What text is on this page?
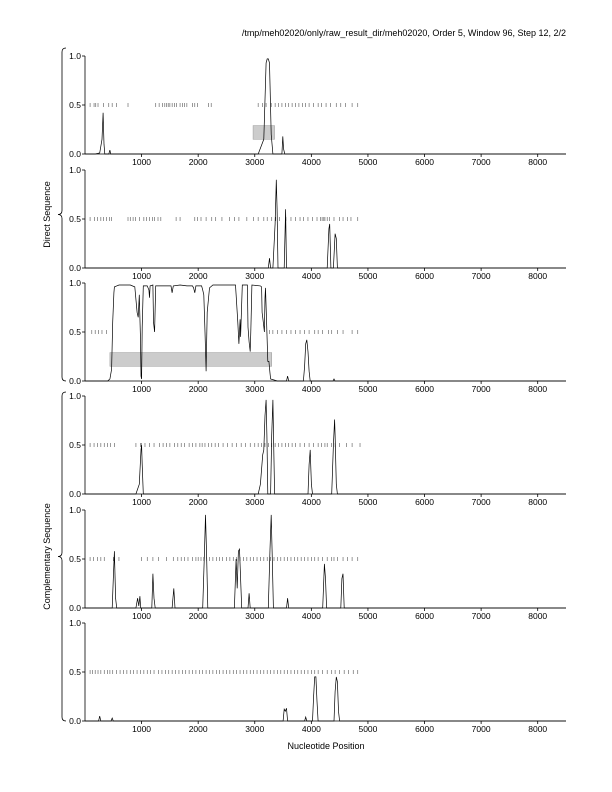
/tmp/meh02020/only/raw_result_dir/meh02020, Order 5, Window 96, Step 12, 2/2
0.0
0.5
1.0
1000	2000	3000	4000	5000	6000	7000	8000
0.0
0.5
1.0
1000	2000	3000	4000	5000	6000	7000	8000
0.0
0.5
1.0
1000	2000	3000	4000	5000	6000	7000	8000
0.0
0.5
1.0
1000	2000	3000	4000	5000	6000	7000	8000
0.0
0.5
1.0
1000	2000	3000	4000	5000	6000	7000	8000
0.0
0.5
1.0
1000	2000	3000	4000	5000	6000	7000	8000
Direct Sequence
Complementary Sequence
Nucleotide Position
